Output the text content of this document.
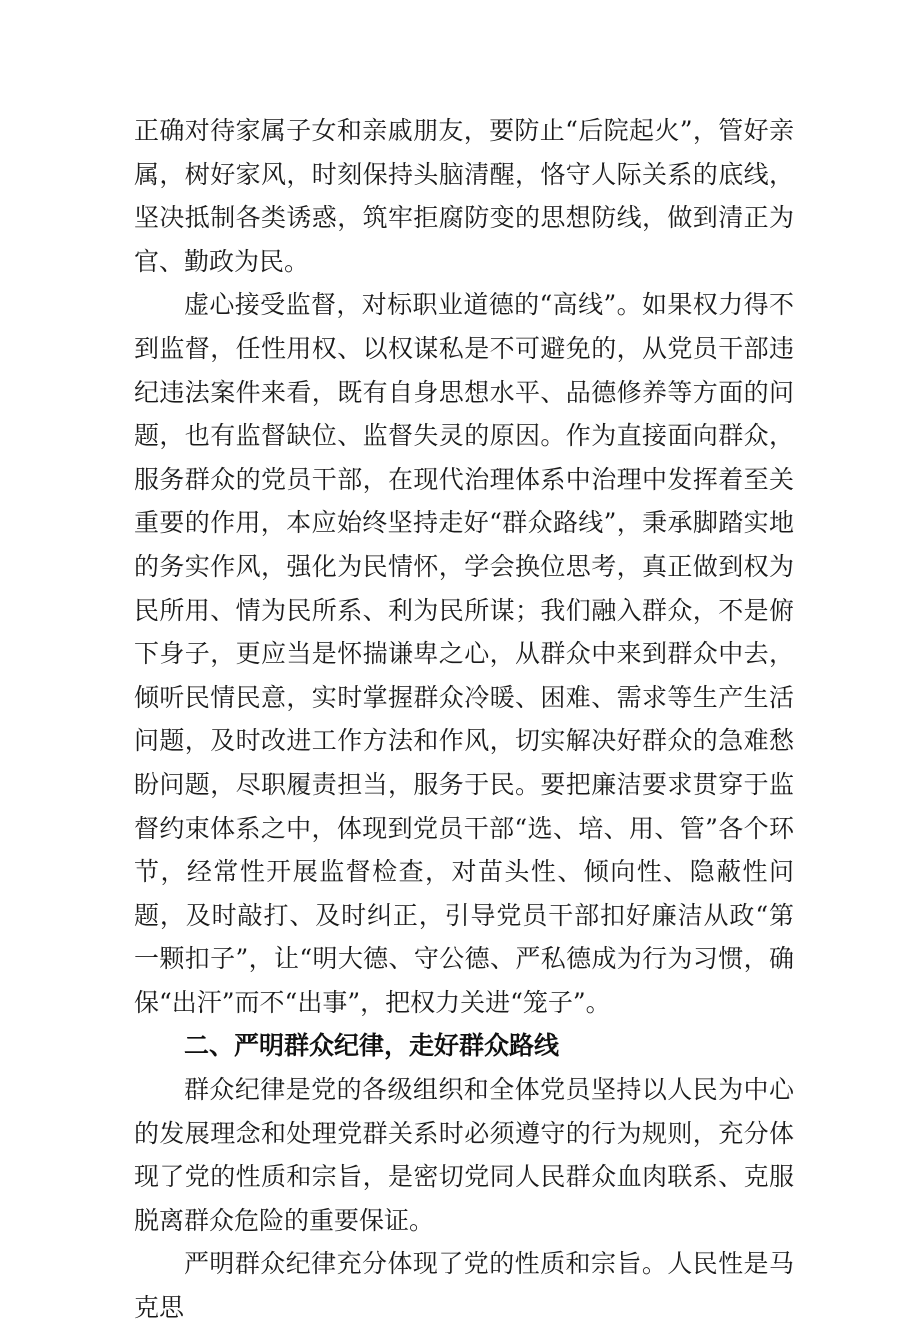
正确对待家属子女和亲戚朋友，要防止“后院起火”，管好亲属，树好家风，时刻保持头脑清醒，恪守人际关系的底线，坚决抵制各类诱惑，筑牢拒腐防变的思想防线，做到清正为官、勤政为民。

虚心接受监督，对标职业道德的“高线”。如果权力得不到监督，任性用权、以权谋私是不可避免的，从党员干部违纪违法案件来看，既有自身思想水平、品德修养等方面的问题，也有监督缺位、监督失灵的原因。作为直接面向群众，服务群众的党员干部，在现代治理体系中治理中发挥着至关重要的作用，本应始终坚持走好“群众路线”，秉承脚踏实地的务实作风，强化为民情怀，学会换位思考，真正做到权为民所用、情为民所系、利为民所谋；我们融入群众，不是俯下身子，更应当是怀揣谦卑之心，从群众中来到群众中去，倾听民情民意，实时掌握群众冷暖、困难、需求等生产生活问题，及时改进工作方法和作风，切实解决好群众的急难愁盼问题，尽职履责担当，服务于民。要把廉洁要求贯穿于监督约束体系之中，体现到党员干部“选、培、用、管”各个环节，经常性开展监督检查，对苗头性、倾向性、隐蔽性问题，及时敲打、及时纠正，引导党员干部扣好廉洁从政“第一颗扣子”，让“明大德、守公德、严私德成为行为习惯，确保“出汗”而不“出事”，把权力关进“笼子”。

二、严明群众纪律，走好群众路线

群众纪律是党的各级组织和全体党员坚持以人民为中心的发展理念和处理党群关系时必须遵守的行为规则，充分体现了党的性质和宗旨，是密切党同人民群众血肉联系、克服脱离群众危险的重要保证。

严明群众纪律充分体现了党的性质和宗旨。人民性是马克思
